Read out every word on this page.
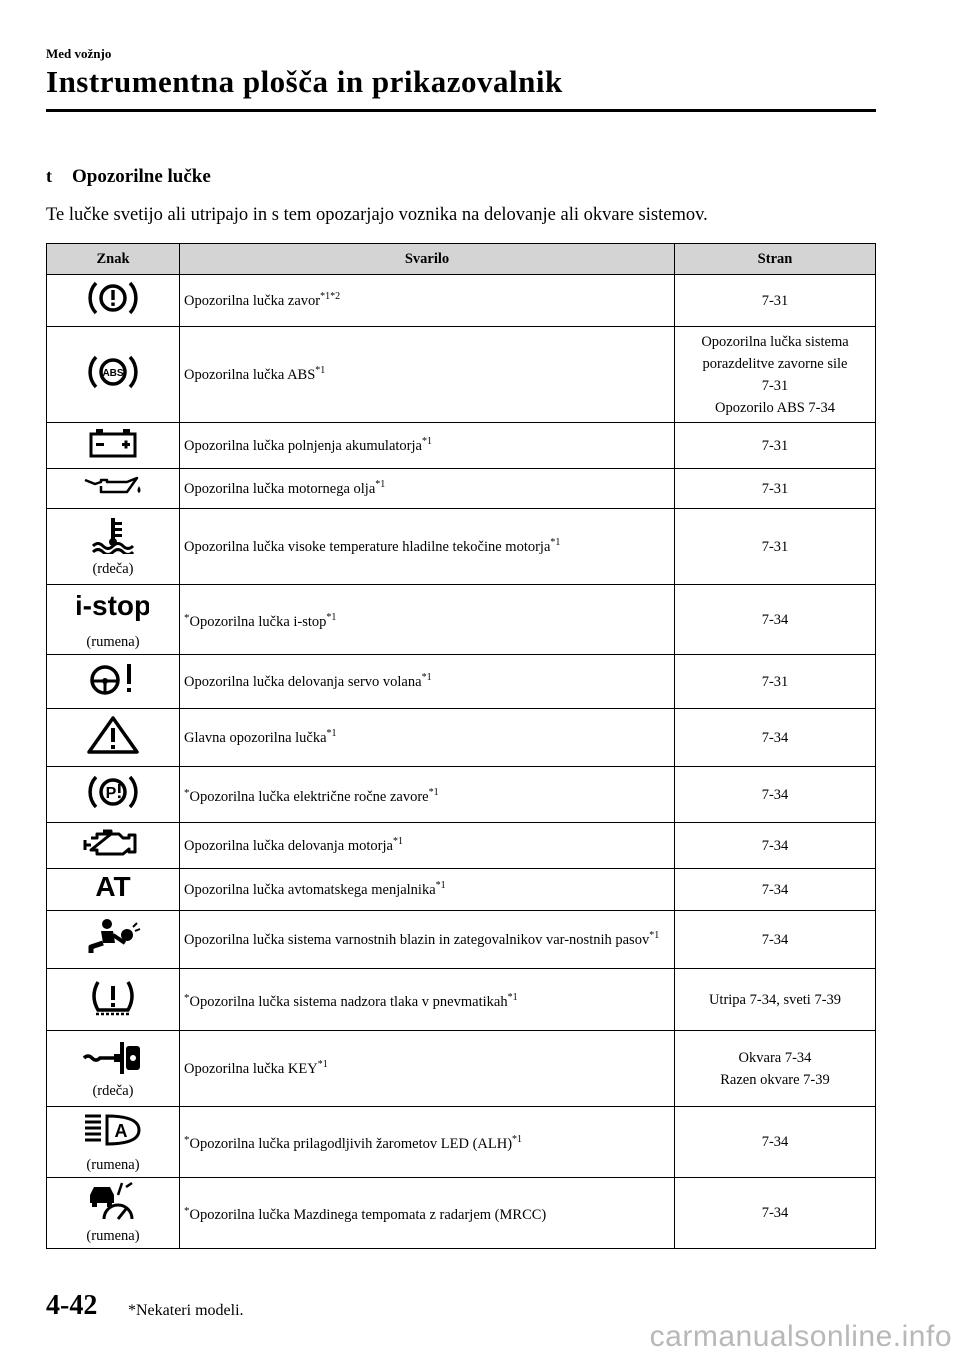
Med vožnjo
Instrumentna plošča in prikazovalnik
t Opozorilne lučke
Te lučke svetijo ali utripajo in s tem opozarjajo voznika na delovanje ali okvare sistemov.
Znak	Svarilo	Stran

	Opozorilna lučka zavor$^{*1*2}$	7-31

ABS	Opozorilna lučka ABS$^{*1}$	Opozorilna lučka sistema
porazdelitve zavorne sile
7-31
Opozorilo ABS 7-34

	Opozorilna lučka polnjenja akumulatorja$^{*1}$	7-31

	Opozorilna lučka motornega olja$^{*1}$	7-31

(rdeča)	Opozorilna lučka visoke temperature hladilne tekočine motorja$^{*1}$	7-31

i-stop
(rumena)	*Opozorilna lučka i-stop$^{*1}$	7-34

	Opozorilna lučka delovanja servo volana$^{*1}$	7-31

	Glavna opozorilna lučka$^{*1}$	7-34

P	*Opozorilna lučka električne ročne zavore$^{*1}$	7-34

	Opozorilna lučka delovanja motorja$^{*1}$	7-34

AT	Opozorilna lučka avtomatskega menjalnika$^{*1}$	7-34

	Opozorilna lučka sistema varnostnih blazin in zategovalnikov var-nostnih pasov$^{*1}$	7-34

	*Opozorilna lučka sistema nadzora tlaka v pnevmatikah$^{*1}$	Utripa 7-34, sveti 7-39

(rdeča)	Opozorilna lučka KEY$^{*1}$	Okvara 7-34
Razen okvare 7-39

A
(rumena)	*Opozorilna lučka prilagodljivih žarometov LED (ALH)$^{*1}$	7-34

(rumena)	*Opozorilna lučka Mazdinega tempomata z radarjem (MRCC)	7-34
4-42 *Nekateri modeli.
carmanualsonline.info
